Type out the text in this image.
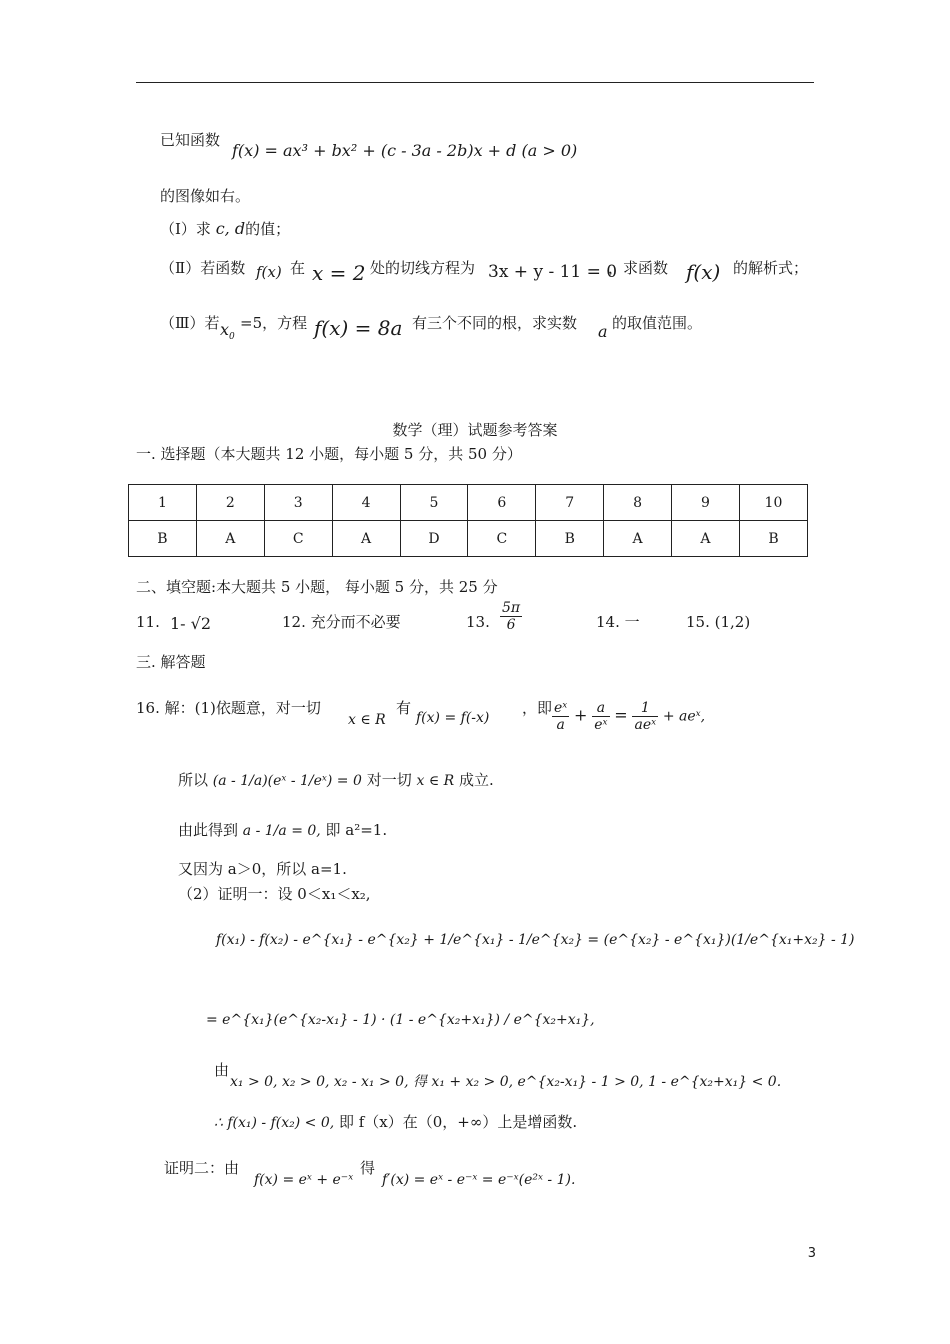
已知函数
f(x) = ax³ + bx² + (c - 3a - 2b)x + d (a > 0)
的图像如右。
（Ⅰ）求 c, d的值；
（Ⅱ）若函数 f(x) 在 x = 2 处的切线方程为 3x + y - 11 = 0
，求函数 f(x) 的解析式；
（Ⅲ）若 $x_0$
=5，方程 f(x) = 8a 有三个不同的根，求实数 a 的取值范围。
数学（理）试题参考答案
一. 选择题（本大题共 12 小题，每小题 5 分，共 50 分）
1	2	3	4	5	6	7	8	9	10
B	A	C	A	D	C	B	A	A	B
二、填空题:本大题共 5 小题， 每小题 5 分，共 25 分
11. 1- √2	12. 充分而不必要	13. $\frac{5\pi}{6}$	14. 一	15. (1,2)
三. 解答题
16. 解：(1)依题意，对一切
x ∈ R
有
f(x) = f(-x)
，即 $\frac{\text{eˣ}}{a} + \frac{a}{\text{eˣ}} = \frac{1}{\text{aeˣ}}$ + aeˣ,
所以 (a - 1/a)(eˣ - 1/eˣ) = 0 对一切 x ∈ R 成立.
由此得到 a - 1/a = 0, 即 a²=1.
又因为 a＞0，所以 a=1.
（2）证明一：设 0＜x₁＜x₂,
f(x₁) - f(x₂) - e^{x₁} - e^{x₂} + 1/e^{x₁} - 1/e^{x₂} = (e^{x₂} - e^{x₁})(1/e^{x₁+x₂} - 1)
= e^{x₁}(e^{x₂-x₁} - 1) · (1 - e^{x₂+x₁}) / e^{x₂+x₁},
由
x₁ > 0, x₂ > 0, x₂ - x₁ > 0, 得 x₁ + x₂ > 0, e^{x₂-x₁} - 1 > 0, 1 - e^{x₂+x₁} < 0.
∴ f(x₁) - f(x₂) < 0, 即 f（x）在（0，+∞）上是增函数.
证明二：由
f(x) = eˣ + e⁻ˣ
得
f′(x) = eˣ - e⁻ˣ = e⁻ˣ(e²ˣ - 1).
3
